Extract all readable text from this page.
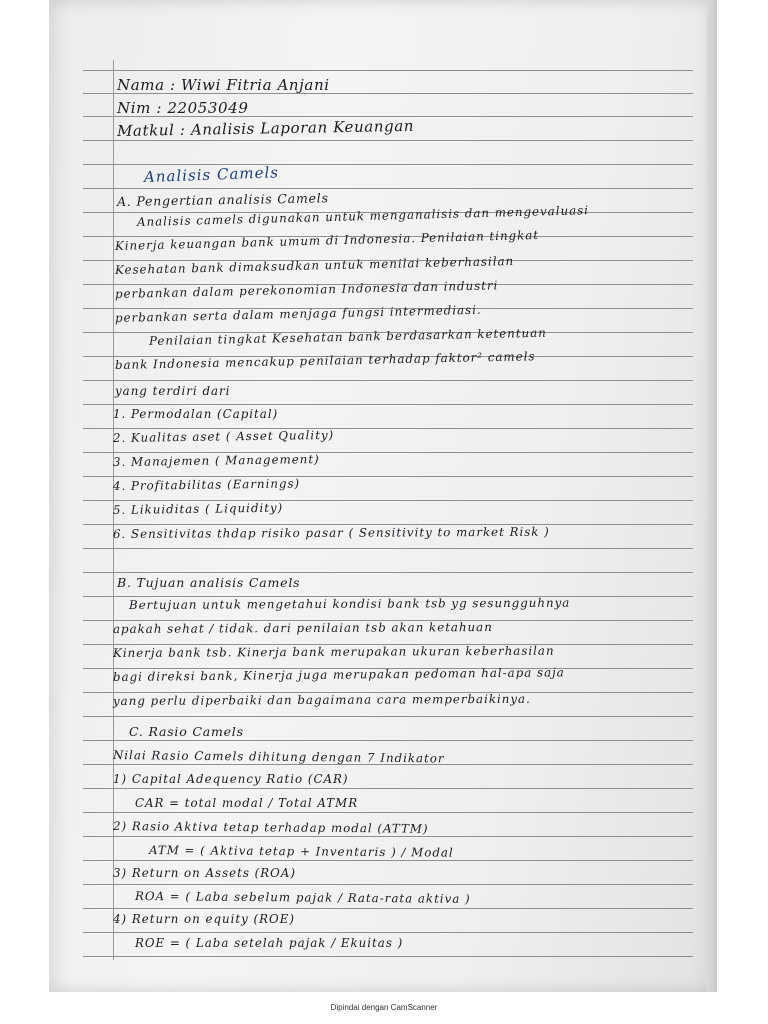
Nama : Wiwi Fitria Anjani
Nim : 22053049
Matkul : Analisis Laporan Keuangan
Analisis Camels
A. Pengertian analisis Camels
Analisis camels digunakan untuk menganalisis dan mengevaluasi
Kinerja keuangan bank umum di Indonesia. Penilaian tingkat
Kesehatan bank dimaksudkan untuk menilai keberhasilan
perbankan dalam perekonomian Indonesia dan industri
perbankan serta dalam menjaga fungsi intermediasi.
Penilaian tingkat Kesehatan bank berdasarkan ketentuan
bank Indonesia mencakup penilaian terhadap faktor² camels
yang terdiri dari
1. Permodalan (Capital)
2. Kualitas aset ( Asset Quality)
3. Manajemen ( Management)
4. Profitabilitas (Earnings)
5. Likuiditas ( Liquidity)
6. Sensitivitas thdap risiko pasar ( Sensitivity to market Risk )
B. Tujuan analisis Camels
Bertujuan untuk mengetahui kondisi bank tsb yg sesungguhnya
apakah sehat / tidak. dari penilaian tsb akan ketahuan
Kinerja bank tsb. Kinerja bank merupakan ukuran keberhasilan
bagi direksi bank, Kinerja juga merupakan pedoman hal-apa saja
yang perlu diperbaiki dan bagaimana cara memperbaikinya.
C. Rasio Camels
Nilai Rasio Camels dihitung dengan 7 Indikator
1) Capital Adequency Ratio (CAR)
CAR = total modal / Total ATMR
2) Rasio Aktiva tetap terhadap modal (ATTM)
ATM = ( Aktiva tetap + Inventaris ) / Modal
3) Return on Assets (ROA)
ROA = ( Laba sebelum pajak / Rata-rata aktiva )
4) Return on equity (ROE)
ROE = ( Laba setelah pajak / Ekuitas )
Dipindai dengan CamScanner
